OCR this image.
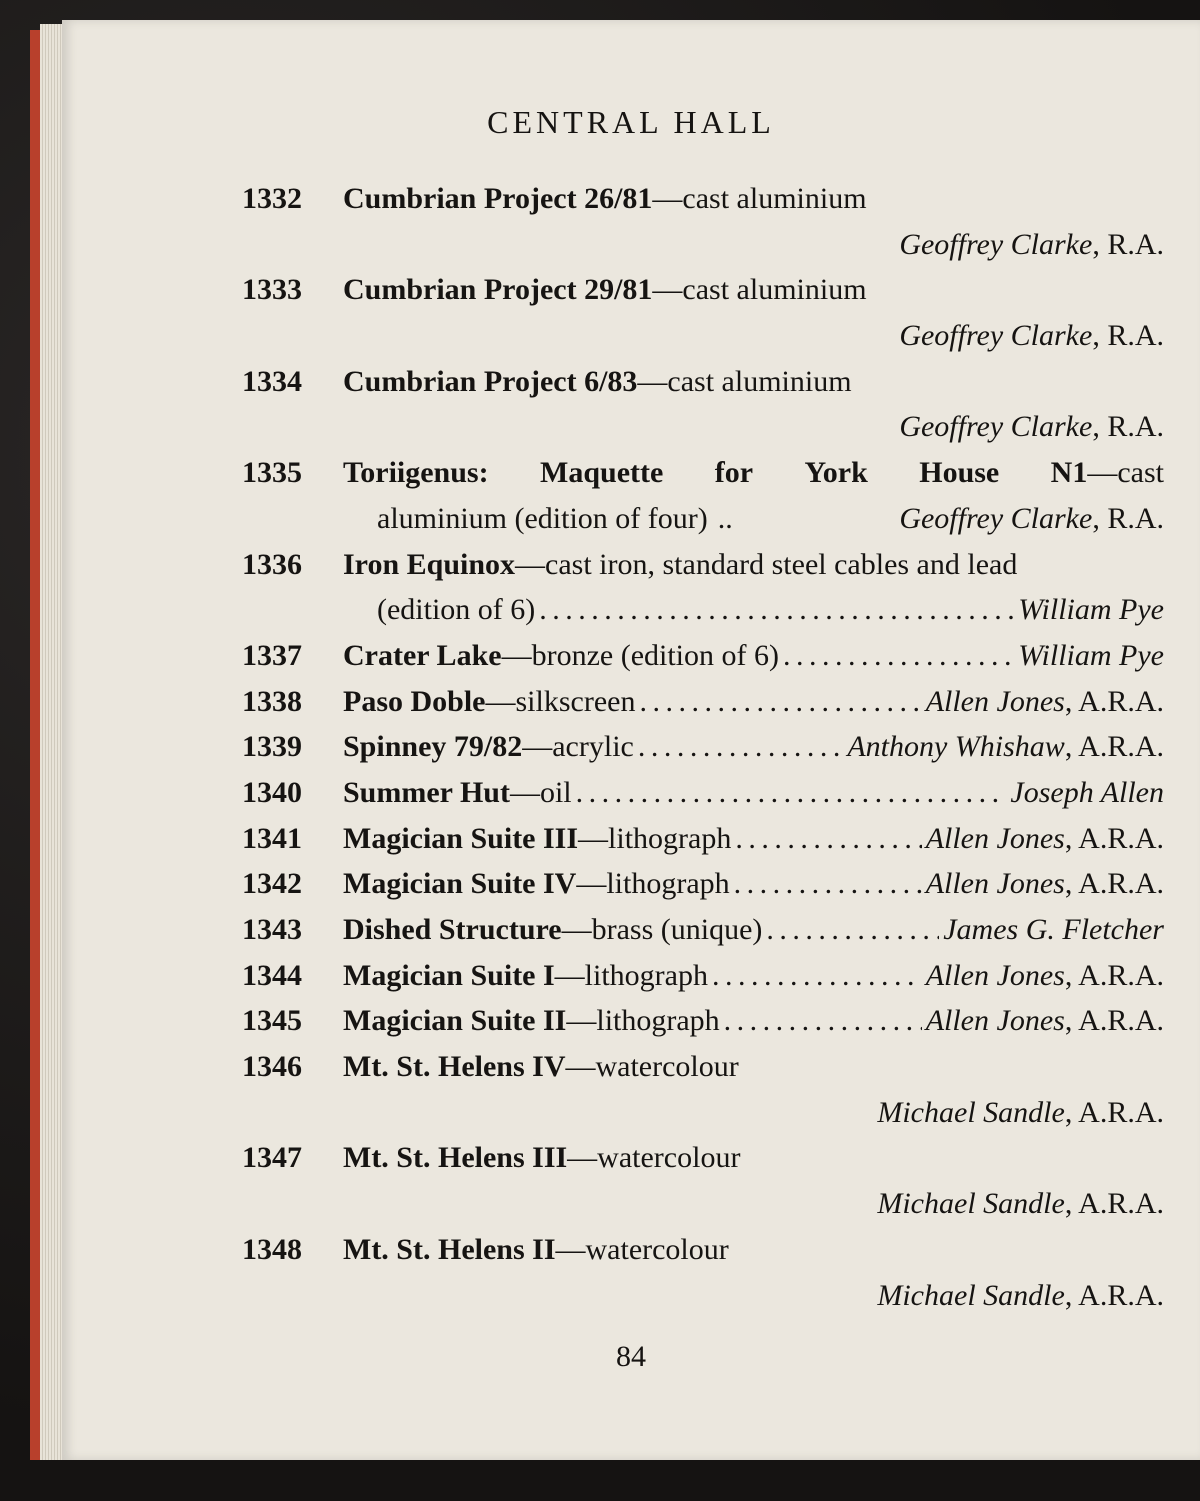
CENTRAL HALL
1332	Cumbrian Project 26/81 —cast aluminium
Geoffrey Clarke, R.A.
1333	Cumbrian Project 29/81 —cast aluminium
Geoffrey Clarke, R.A.
1334	Cumbrian Project 6/83 —cast aluminium
Geoffrey Clarke, R.A.
1335	Toriigenus: Maquette for York House N1—cast
aluminium (edition of four) ..	Geoffrey Clarke, R.A.
1336	Iron Equinox —cast iron, standard steel cables and lead
(edition of 6) . . .	William Pye
1337	Crater Lake —bronze (edition of 6) . . .	William Pye
1338	Paso Doble —silkscreen . . .	Allen Jones, A.R.A.
1339	Spinney 79/82 —acrylic . . .	Anthony Whishaw, A.R.A.
1340	Summer Hut —oil . . .	Joseph Allen
1341	Magician Suite III —lithograph . . .	Allen Jones, A.R.A.
1342	Magician Suite IV —lithograph . . .	Allen Jones, A.R.A.
1343	Dished Structure —brass (unique) . . .	James G. Fletcher
1344	Magician Suite I —lithograph . . .	Allen Jones, A.R.A.
1345	Magician Suite II —lithograph . . .	Allen Jones, A.R.A.
1346	Mt. St. Helens IV —watercolour
Michael Sandle, A.R.A.
1347	Mt. St. Helens III —watercolour
Michael Sandle, A.R.A.
1348	Mt. St. Helens II —watercolour
Michael Sandle, A.R.A.
84
